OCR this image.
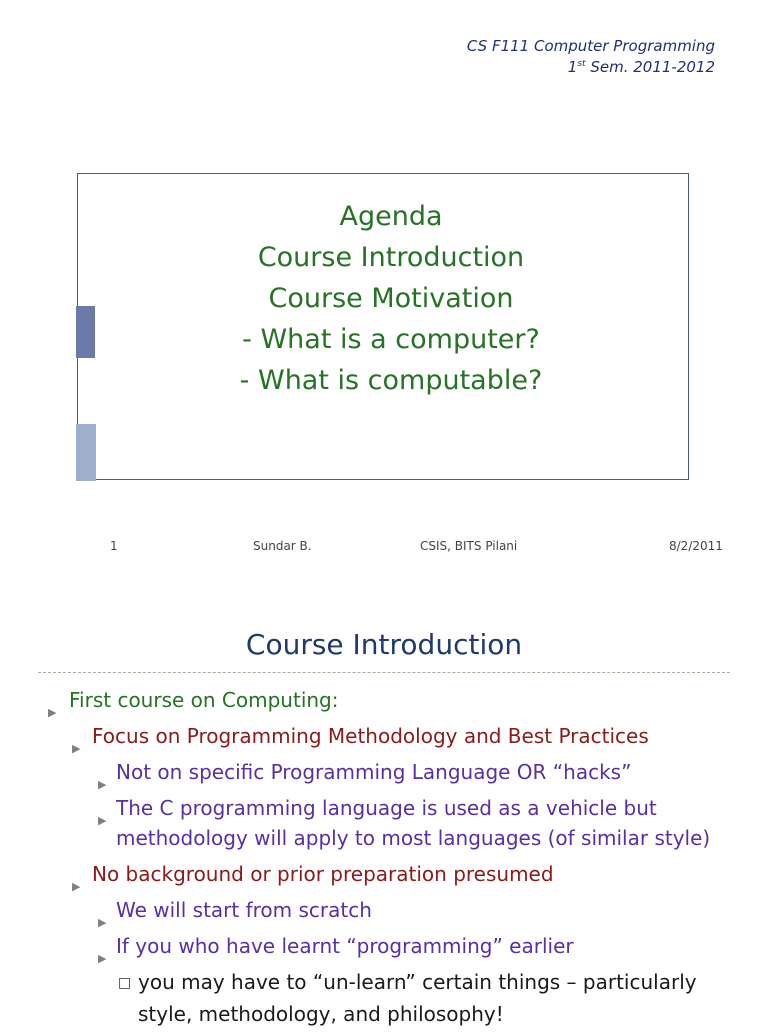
CS F111 Computer Programming
1st Sem. 2011-2012
Agenda
Course Introduction
Course Motivation
- What is a computer?
- What is computable?
1	Sundar B.	CSIS, BITS Pilani	8/2/2011
Course Introduction
▶
First course on Computing:
▶
Focus on Programming Methodology and Best Practices
▶
Not on specific Programming Language OR “hacks”
▶
The C programming language is used as a vehicle but
methodology will apply to most languages (of similar style)
▶
No background or prior preparation presumed
▶
We will start from scratch
▶
If you who have learnt “programming” earlier
□ you may have to “un-learn” certain things – particularly
style, methodology, and philosophy!
